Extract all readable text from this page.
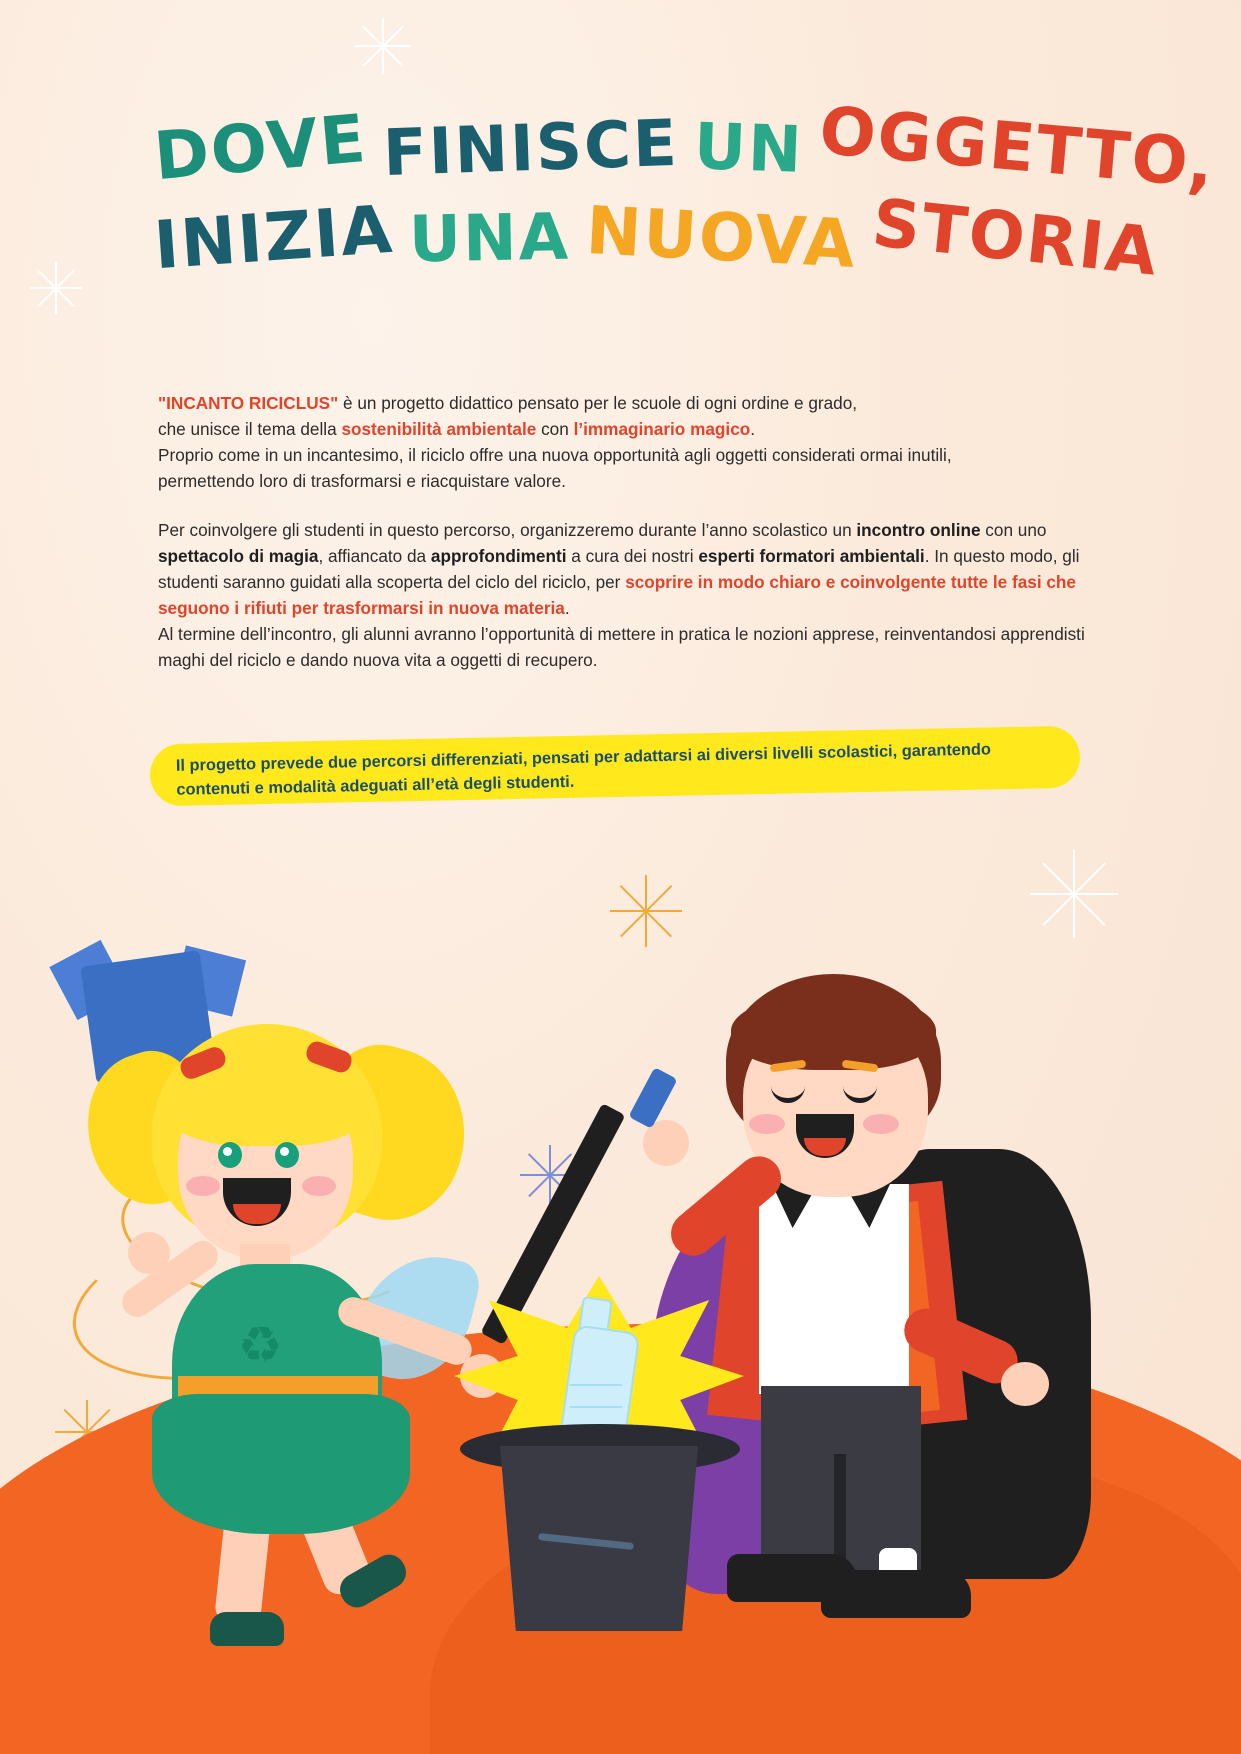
DOVE FINISCE UN OGGETTO,
INIZIA UNA NUOVA STORIA

"INCANTO RICICLUS" è un progetto didattico pensato per le scuole di ogni ordine e grado,
che unisce il tema della sostenibilità ambientale con l’immaginario magico.
Proprio come in un incantesimo, il riciclo offre una nuova opportunità agli oggetti considerati ormai inutili,
permettendo loro di trasformarsi e riacquistare valore.

Per coinvolgere gli studenti in questo percorso, organizzeremo durante l’anno scolastico un incontro online con uno spettacolo di magia, affiancato da approfondimenti a cura dei nostri esperti formatori ambientali. In questo modo, gli studenti saranno guidati alla scoperta del ciclo del riciclo, per scoprire in modo chiaro e coinvolgente tutte le fasi che seguono i rifiuti per trasformarsi in nuova materia.
Al termine dell’incontro, gli alunni avranno l’opportunità di mettere in pratica le nozioni apprese, reinventandosi apprendisti maghi del riciclo e dando nuova vita a oggetti di recupero.

Il progetto prevede due percorsi differenziati, pensati per adattarsi ai diversi livelli scolastici, garantendo contenuti e modalità adeguati all’età degli studenti.
♻
